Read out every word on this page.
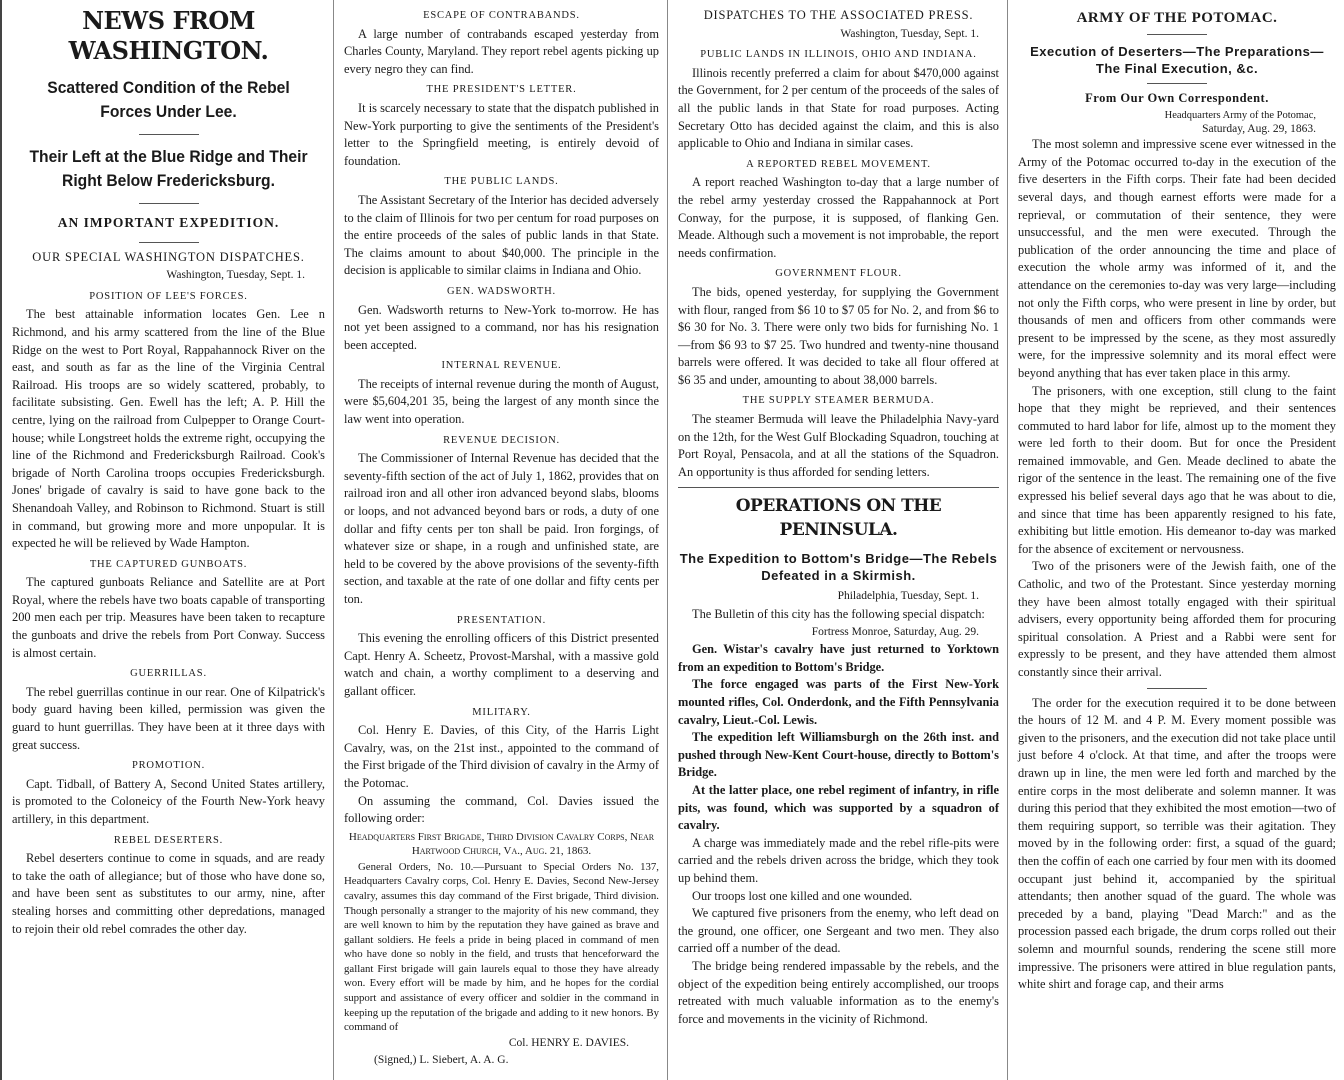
NEWS FROM WASHINGTON.
Scattered Condition of the Rebel Forces Under Lee.
Their Left at the Blue Ridge and Their Right Below Fredericksburg.
AN IMPORTANT EXPEDITION.
OUR SPECIAL WASHINGTON DISPATCHES.
Washington, Tuesday, Sept. 1.
POSITION OF LEE'S FORCES.

The best attainable information locates Gen. Lee n Richmond, and his army scattered from the line of the Blue Ridge on the west to Port Royal, Rappahannock River on the east, and south as far as the line of the Virginia Central Railroad. His troops are so widely scattered, probably, to facilitate subsisting. Gen. Ewell has the left; A. P. Hill the centre, lying on the railroad from Culpepper to Orange Court-house; while Longstreet holds the extreme right, occupying the line of the Richmond and Fredericksburgh Railroad. Cook's brigade of North Carolina troops occupies Fredericksburgh. Jones' brigade of cavalry is said to have gone back to the Shenandoah Valley, and Robinson to Richmond. Stuart is still in command, but growing more and more unpopular. It is expected he will be relieved by Wade Hampton.

THE CAPTURED GUNBOATS.

The captured gunboats Reliance and Satellite are at Port Royal, where the rebels have two boats capable of transporting 200 men each per trip. Measures have been taken to recapture the gunboats and drive the rebels from Port Conway. Success is almost certain.

GUERRILLAS.

The rebel guerrillas continue in our rear. One of Kilpatrick's body guard having been killed, permission was given the guard to hunt guerrillas. They have been at it three days with great success.

PROMOTION.

Capt. Tidball, of Battery A, Second United States artillery, is promoted to the Coloneicy of the Fourth New-York heavy artillery, in this department.

REBEL DESERTERS.

Rebel deserters continue to come in squads, and are ready to take the oath of allegiance; but of those who have done so, and have been sent as substitutes to our army, nine, after stealing horses and committing other depredations, managed to rejoin their old rebel comrades the other day.

ESCAPE OF CONTRABANDS.

A large number of contrabands escaped yesterday from Charles County, Maryland. They report rebel agents picking up every negro they can find.

THE PRESIDENT'S LETTER.

It is scarcely necessary to state that the dispatch published in New-York purporting to give the sentiments of the President's letter to the Springfield meeting, is entirely devoid of foundation.

THE PUBLIC LANDS.

The Assistant Secretary of the Interior has decided adversely to the claim of Illinois for two per centum for road purposes on the entire proceeds of the sales of public lands in that State. The claims amount to about $40,000. The principle in the decision is applicable to similar claims in Indiana and Ohio.

GEN. WADSWORTH.

Gen. Wadsworth returns to New-York to-morrow. He has not yet been assigned to a command, nor has his resignation been accepted.

INTERNAL REVENUE.

The receipts of internal revenue during the month of August, were $5,604,201 35, being the largest of any month since the law went into operation.

REVENUE DECISION.

The Commissioner of Internal Revenue has decided that the seventy-fifth section of the act of July 1, 1862, provides that on railroad iron and all other iron advanced beyond slabs, blooms or loops, and not advanced beyond bars or rods, a duty of one dollar and fifty cents per ton shall be paid. Iron forgings, of whatever size or shape, in a rough and unfinished state, are held to be covered by the above provisions of the seventy-fifth section, and taxable at the rate of one dollar and fifty cents per ton.

PRESENTATION.

This evening the enrolling officers of this District presented Capt. Henry A. Scheetz, Provost-Marshal, with a massive gold watch and chain, a worthy compliment to a deserving and gallant officer.

MILITARY.

Col. Henry E. Davies, of this City, of the Harris Light Cavalry, was, on the 21st inst., appointed to the command of the First brigade of the Third division of cavalry in the Army of the Potomac.

On assuming the command, Col. Davies issued the following order:

Headquarters First Brigade, Third Division Cavalry Corps, Near Hartwood Church, Va., Aug. 21, 1863.

General Orders, No. 10.—Pursuant to Special Orders No. 137, Headquarters Cavalry corps, Col. Henry E. Davies, Second New-Jersey cavalry, assumes this day command of the First brigade, Third division. Though personally a stranger to the majority of his new command, they are well known to him by the reputation they have gained as brave and gallant soldiers. He feels a pride in being placed in command of men who have done so nobly in the field, and trusts that henceforward the gallant First brigade will gain laurels equal to those they have already won. Every effort will be made by him, and he hopes for the cordial support and assistance of every officer and soldier in the command in keeping up the reputation of the brigade and adding to it new honors. By command of

Col. HENRY E. DAVIES.
(Signed,) L. Siebert, A. A. G.
DISPATCHES TO THE ASSOCIATED PRESS.
Washington, Tuesday, Sept. 1.
PUBLIC LANDS IN ILLINOIS, OHIO AND INDIANA.

Illinois recently preferred a claim for about $470,000 against the Government, for 2 per centum of the proceeds of the sales of all the public lands in that State for road purposes. Acting Secretary Otto has decided against the claim, and this is also applicable to Ohio and Indiana in similar cases.

A REPORTED REBEL MOVEMENT.

A report reached Washington to-day that a large number of the rebel army yesterday crossed the Rappahannock at Port Conway, for the purpose, it is supposed, of flanking Gen. Meade. Although such a movement is not improbable, the report needs confirmation.

GOVERNMENT FLOUR.

The bids, opened yesterday, for supplying the Government with flour, ranged from $6 10 to $7 05 for No. 2, and from $6 to $6 30 for No. 3. There were only two bids for furnishing No. 1—from $6 93 to $7 25. Two hundred and twenty-nine thousand barrels were offered. It was decided to take all flour offered at $6 35 and under, amounting to about 38,000 barrels.

THE SUPPLY STEAMER BERMUDA.

The steamer Bermuda will leave the Philadelphia Navy-yard on the 12th, for the West Gulf Blockading Squadron, touching at Port Royal, Pensacola, and at all the stations of the Squadron. An opportunity is thus afforded for sending letters.

OPERATIONS ON THE PENINSULA.
The Expedition to Bottom's Bridge—The Rebels Defeated in a Skirmish.
Philadelphia, Tuesday, Sept. 1.

The Bulletin of this city has the following special dispatch:

Fortress Monroe, Saturday, Aug. 29.

Gen. Wistar's cavalry have just returned to Yorktown from an expedition to Bottom's Bridge.

The force engaged was parts of the First New-York mounted rifles, Col. Onderdonk, and the Fifth Pennsylvania cavalry, Lieut.-Col. Lewis.

The expedition left Williamsburgh on the 26th inst. and pushed through New-Kent Court-house, directly to Bottom's Bridge.

At the latter place, one rebel regiment of infantry, in rifle pits, was found, which was supported by a squadron of cavalry.

A charge was immediately made and the rebel rifle-pits were carried and the rebels driven across the bridge, which they took up behind them.

Our troops lost one killed and one wounded.

We captured five prisoners from the enemy, who left dead on the ground, one officer, one Sergeant and two men. They also carried off a number of the dead.

The bridge being rendered impassable by the rebels, and the object of the expedition being entirely accomplished, our troops retreated with much valuable information as to the enemy's force and movements in the vicinity of Richmond.

ARMY OF THE POTOMAC.
Execution of Deserters—The Preparations—The Final Execution, &c.
From Our Own Correspondent.
Headquarters Army of the Potomac,
Saturday, Aug. 29, 1863.

The most solemn and impressive scene ever witnessed in the Army of the Potomac occurred to-day in the execution of the five deserters in the Fifth corps. Their fate had been decided several days, and though earnest efforts were made for a reprieval, or commutation of their sentence, they were unsuccessful, and the men were executed. Through the publication of the order announcing the time and place of execution the whole army was informed of it, and the attendance on the ceremonies to-day was very large—including not only the Fifth corps, who were present in line by order, but thousands of men and officers from other commands were present to be impressed by the scene, as they most assuredly were, for the impressive solemnity and its moral effect were beyond anything that has ever taken place in this army.

The prisoners, with one exception, still clung to the faint hope that they might be reprieved, and their sentences commuted to hard labor for life, almost up to the moment they were led forth to their doom. But for once the President remained immovable, and Gen. Meade declined to abate the rigor of the sentence in the least. The remaining one of the five expressed his belief several days ago that he was about to die, and since that time has been apparently resigned to his fate, exhibiting but little emotion. His demeanor to-day was marked for the absence of excitement or nervousness.

Two of the prisoners were of the Jewish faith, one of the Catholic, and two of the Protestant. Since yesterday morning they have been almost totally engaged with their spiritual advisers, every opportunity being afforded them for procuring spiritual consolation. A Priest and a Rabbi were sent for expressly to be present, and they have attended them almost constantly since their arrival.

The order for the execution required it to be done between the hours of 12 M. and 4 P. M. Every moment possible was given to the prisoners, and the execution did not take place until just before 4 o'clock. At that time, and after the troops were drawn up in line, the men were led forth and marched by the entire corps in the most deliberate and solemn manner. It was during this period that they exhibited the most emotion—two of them requiring support, so terrible was their agitation. They moved by in the following order: first, a squad of the guard; then the coffin of each one carried by four men with its doomed occupant just behind it, accompanied by the spiritual attendants; then another squad of the guard. The whole was preceded by a band, playing "Dead March:" and as the procession passed each brigade, the drum corps rolled out their solemn and mournful sounds, rendering the scene still more impressive. The prisoners were attired in blue regulation pants, white shirt and forage cap, and their arms
